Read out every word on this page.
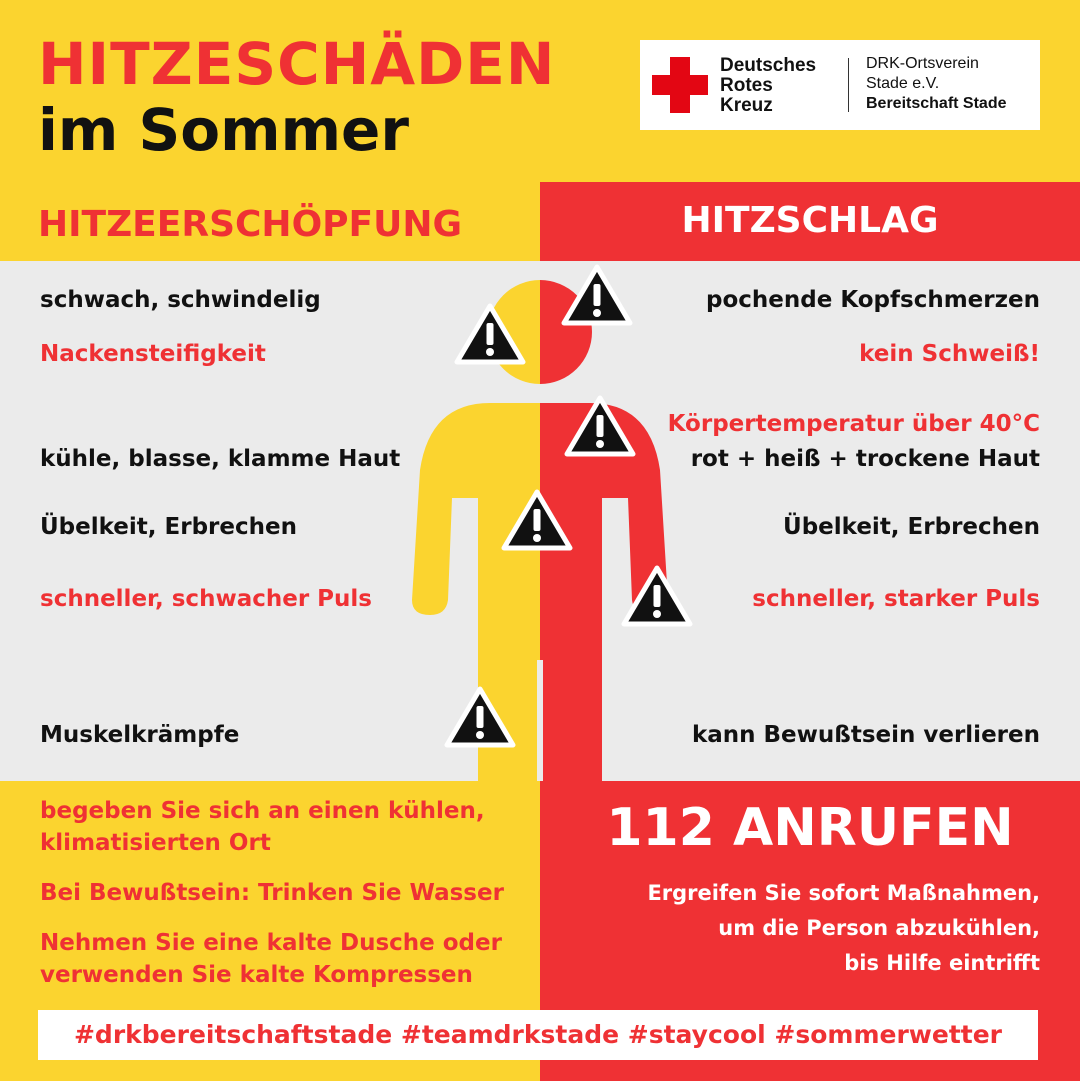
HITZESCHÄDEN
im Sommer
Deutsches
Rotes
Kreuz
DRK-Ortsverein
Stade e.V.
Bereitschaft Stade
HITZEERSCHÖPFUNG	HITZSCHLAG
schwach, schwindelig
Nackensteifigkeit
kühle, blasse, klamme Haut
Übelkeit, Erbrechen
schneller, schwacher Puls
Muskelkrämpfe
pochende Kopfschmerzen
kein Schweiß!
Körpertemperatur über 40°C
rot + heiß + trockene Haut
Übelkeit, Erbrechen
schneller, starker Puls
kann Bewußtsein verlieren
begeben Sie sich an einen kühlen,
klimatisierten Ort
Bei Bewußtsein: Trinken Sie Wasser
Nehmen Sie eine kalte Dusche oder
verwenden Sie kalte Kompressen
112 ANRUFEN
Ergreifen Sie sofort Maßnahmen,
um die Person abzukühlen,
bis Hilfe eintrifft
#drkbereitschaftstade #teamdrkstade #staycool #sommerwetter
